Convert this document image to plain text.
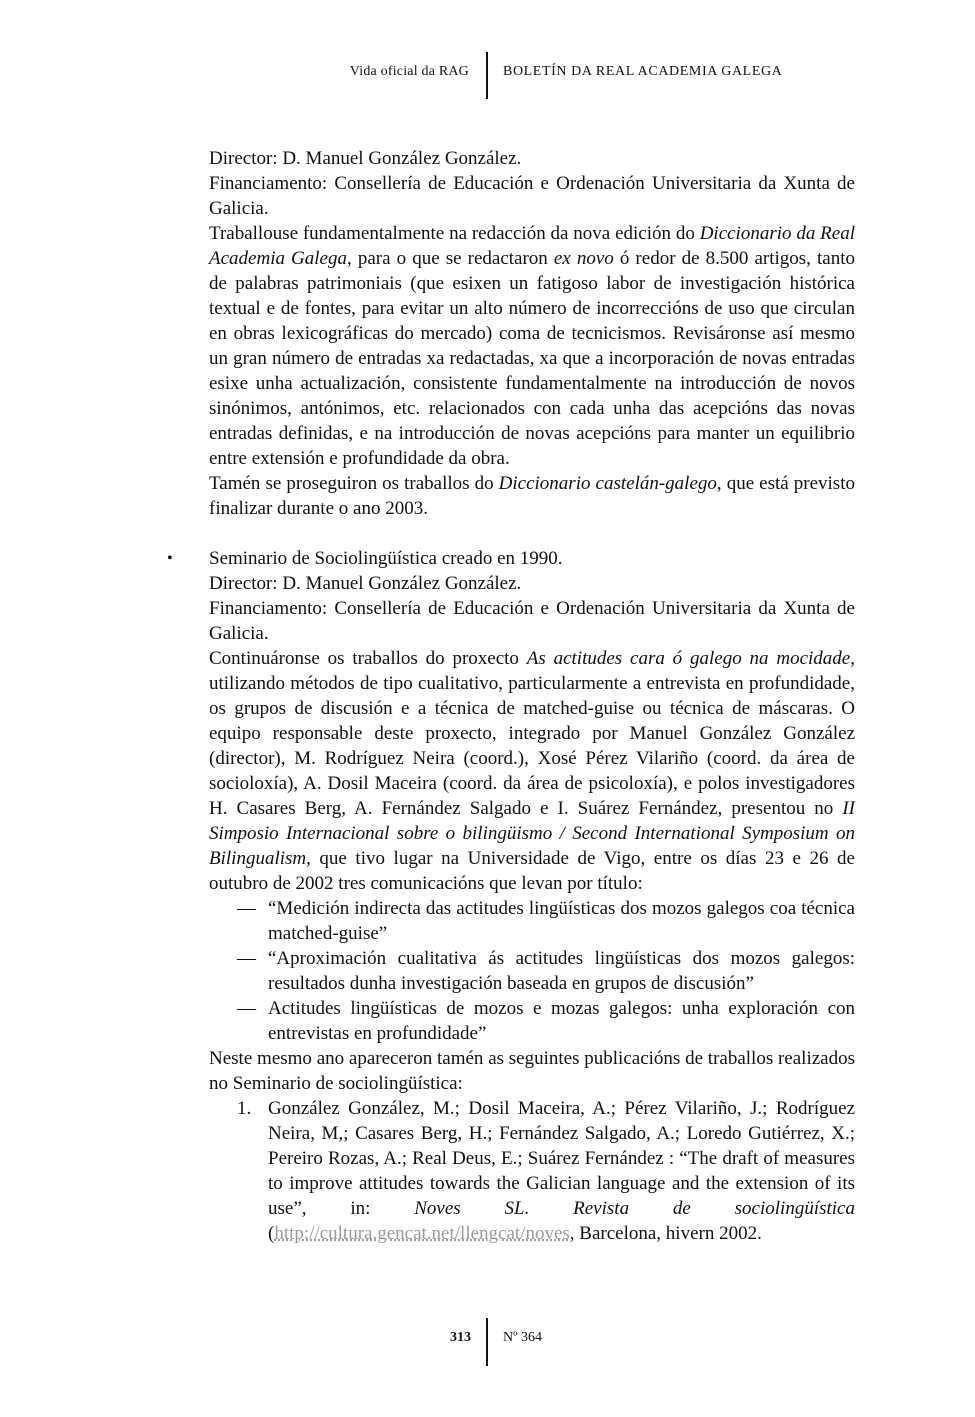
Vida oficial da RAG BOLETÍN DA REAL ACADEMIA GALEGA

Director: D. Manuel González González.

Financiamento: Consellería de Educación e Ordenación Universitaria da Xunta de Galicia.

Traballouse fundamentalmente na redacción da nova edición do Diccionario da Real Academia Galega, para o que se redactaron ex novo ó redor de 8.500 artigos, tanto de palabras patrimoniais (que esixen un fatigoso labor de investigación histórica textual e de fontes, para evitar un alto número de incorreccións de uso que circulan en obras lexicográficas do mercado) coma de tecnicismos. Revisáronse así mesmo un gran número de entradas xa redactadas, xa que a incorporación de novas entradas esixe unha actualización, consistente fundamentalmente na introducción de novos sinónimos, antónimos, etc. relacionados con cada unha das acepcións das novas entradas definidas, e na introducción de novas acepcións para manter un equilibrio entre extensión e profundidade da obra.

Tamén se proseguiron os traballos do Diccionario castelán-galego, que está previsto finalizar durante o ano 2003.

• Seminario de Sociolingüística creado en 1990.

Director: D. Manuel González González.

Financiamento: Consellería de Educación e Ordenación Universitaria da Xunta de Galicia.

Continuáronse os traballos do proxecto As actitudes cara ó galego na mocidade, utilizando métodos de tipo cualitativo, particularmente a entrevista en profundidade, os grupos de discusión e a técnica de matched-guise ou técnica de máscaras. O equipo responsable deste proxecto, integrado por Manuel González González (director), M. Rodríguez Neira (coord.), Xosé Pérez Vilariño (coord. da área de socioloxía), A. Dosil Maceira (coord. da área de psicoloxía), e polos investigadores H. Casares Berg, A. Fernández Salgado e I. Suárez Fernández, presentou no II Simposio Internacional sobre o bilingüismo / Second International Symposium on Bilingualism, que tivo lugar na Universidade de Vigo, entre os días 23 e 26 de outubro de 2002 tres comunicacións que levan por título:

— “Medición indirecta das actitudes lingüísticas dos mozos galegos coa técnica matched-guise”
— “Aproximación cualitativa ás actitudes lingüísticas dos mozos galegos: resultados dunha investigación baseada en grupos de discusión”
— Actitudes lingüísticas de mozos e mozas galegos: unha exploración con entrevistas en profundidade”

Neste mesmo ano apareceron tamén as seguintes publicacións de traballos realizados no Seminario de sociolingüística:

1. González González, M.; Dosil Maceira, A.; Pérez Vilariño, J.; Rodríguez Neira, M,; Casares Berg, H.; Fernández Salgado, A.; Loredo Gutiérrez, X.; Pereiro Rozas, A.; Real Deus, E.; Suárez Fernández : “The draft of measures to improve attitudes towards the Galician language and the extension of its use”, in: Noves SL. Revista de sociolingüística (http://cultura.gencat.net/llengcat/noves, Barcelona, hivern 2002.
313 Nº 364
